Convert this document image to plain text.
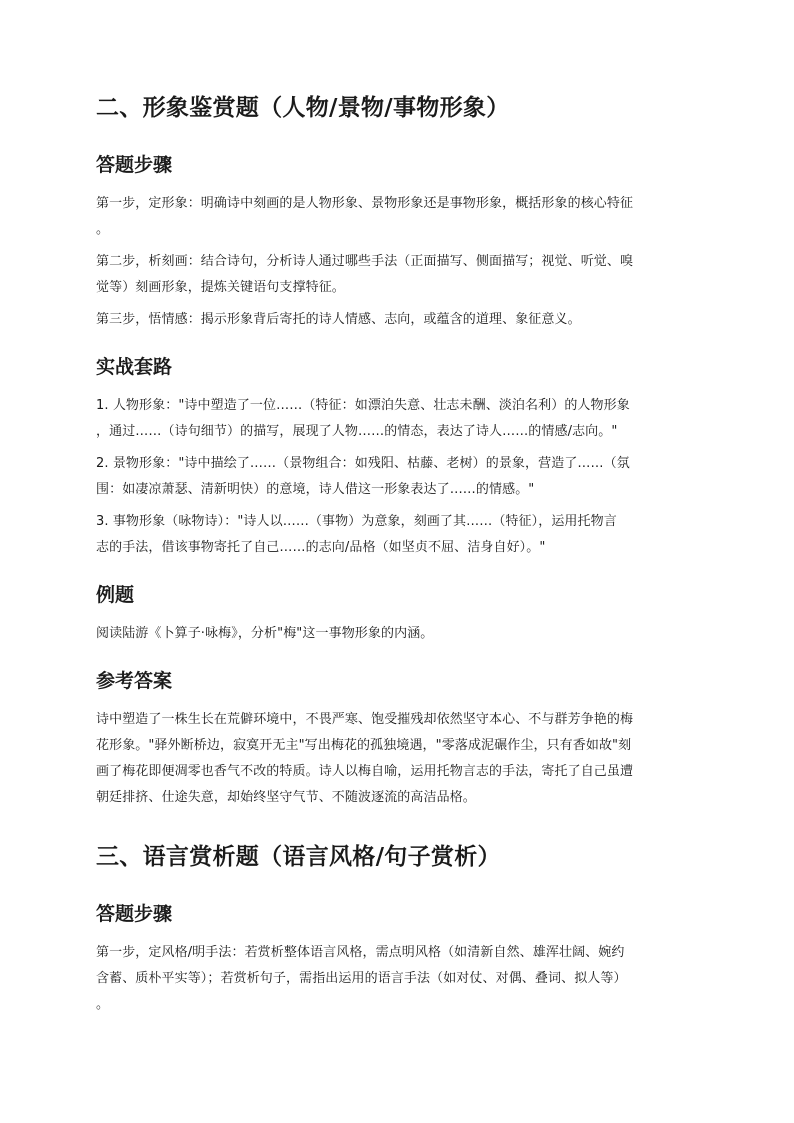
二、形象鉴赏题（人物/景物/事物形象）
答题步骤

第一步，定形象：明确诗中刻画的是人物形象、景物形象还是事物形象，概括形象的核心特征

。

第二步，析刻画：结合诗句，分析诗人通过哪些手法（正面描写、侧面描写；视觉、听觉、嗅

觉等）刻画形象，提炼关键语句支撑特征。

第三步，悟情感：揭示形象背后寄托的诗人情感、志向，或蕴含的道理、象征意义。

实战套路

1. 人物形象："诗中塑造了一位……（特征：如漂泊失意、壮志未酬、淡泊名利）的人物形象

，通过……（诗句细节）的描写，展现了人物……的情态，表达了诗人……的情感/志向。"

2. 景物形象："诗中描绘了……（景物组合：如残阳、枯藤、老树）的景象，营造了……（氛

围：如凄凉萧瑟、清新明快）的意境，诗人借这一形象表达了……的情感。"

3. 事物形象（咏物诗）："诗人以……（事物）为意象，刻画了其……（特征），运用托物言

志的手法，借该事物寄托了自己……的志向/品格（如坚贞不屈、洁身自好）。"

例题

阅读陆游《卜算子·咏梅》，分析"梅"这一事物形象的内涵。

参考答案

诗中塑造了一株生长在荒僻环境中，不畏严寒、饱受摧残却依然坚守本心、不与群芳争艳的梅

花形象。"驿外断桥边，寂寞开无主"写出梅花的孤独境遇，"零落成泥碾作尘，只有香如故"刻

画了梅花即便凋零也香气不改的特质。诗人以梅自喻，运用托物言志的手法，寄托了自己虽遭

朝廷排挤、仕途失意，却始终坚守气节、不随波逐流的高洁品格。

三、语言赏析题（语言风格/句子赏析）
答题步骤

第一步，定风格/明手法：若赏析整体语言风格，需点明风格（如清新自然、雄浑壮阔、婉约

含蓄、质朴平实等）；若赏析句子，需指出运用的语言手法（如对仗、对偶、叠词、拟人等）

。
